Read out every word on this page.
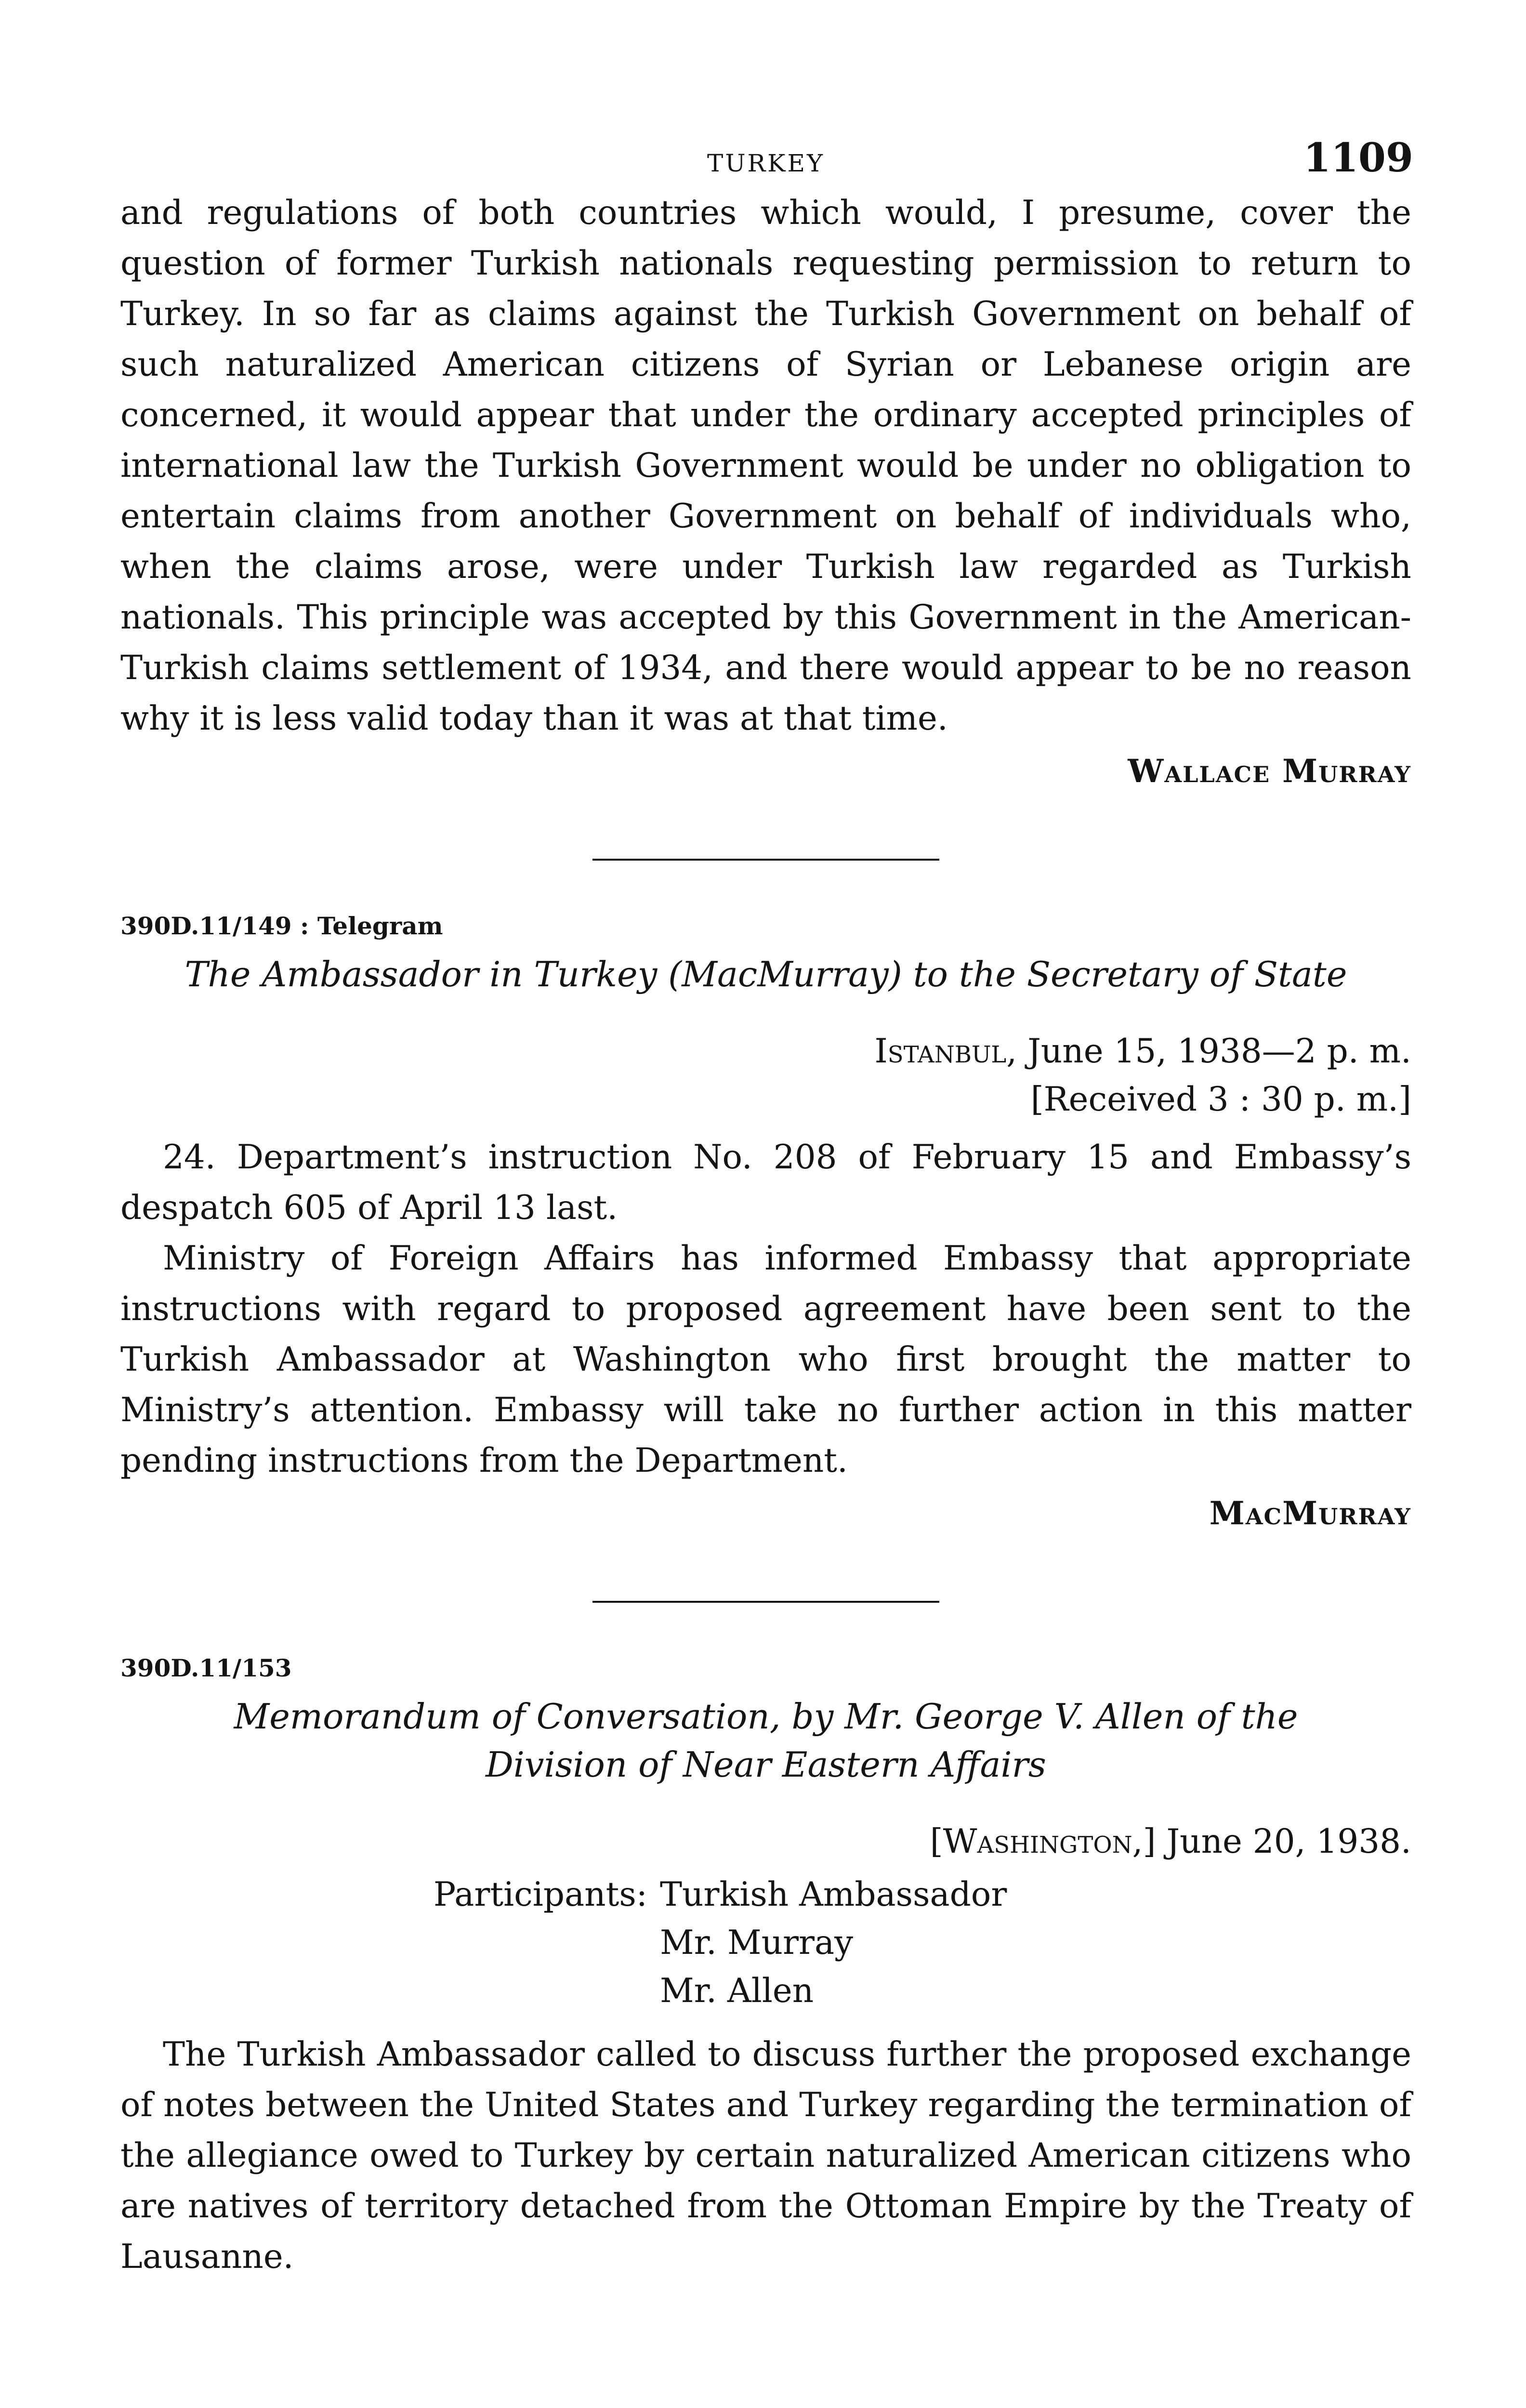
TURKEY	1109

and regulations of both countries which would, I presume, cover the question of former Turkish nationals requesting permission to return to Turkey. In so far as claims against the Turkish Government on behalf of such naturalized American citizens of Syrian or Lebanese origin are concerned, it would appear that under the ordinary accepted principles of international law the Turkish Government would be under no obligation to entertain claims from another Government on behalf of individuals who, when the claims arose, were under Turkish law regarded as Turkish nationals. This principle was accepted by this Government in the American-Turkish claims settlement of 1934, and there would appear to be no reason why it is less valid today than it was at that time.

Wallace Murray
390D.11/149 : Telegram
The Ambassador in Turkey (MacMurray) to the Secretary of State
Istanbul, June 15, 1938—2 p. m.
[Received 3 : 30 p. m.]

24. Department’s instruction No. 208 of February 15 and Embassy’s despatch 605 of April 13 last.

Ministry of Foreign Affairs has informed Embassy that appropriate instructions with regard to proposed agreement have been sent to the Turkish Ambassador at Washington who first brought the matter to Ministry’s attention. Embassy will take no further action in this matter pending instructions from the Department.

MacMurray
390D.11/153
Memorandum of Conversation, by Mr. George V. Allen of the Division of Near Eastern Affairs
[Washington,] June 20, 1938.
Participants: Turkish Ambassador
Mr. Murray
Mr. Allen

The Turkish Ambassador called to discuss further the proposed exchange of notes between the United States and Turkey regarding the termination of the allegiance owed to Turkey by certain naturalized American citizens who are natives of territory detached from the Ottoman Empire by the Treaty of Lausanne.
